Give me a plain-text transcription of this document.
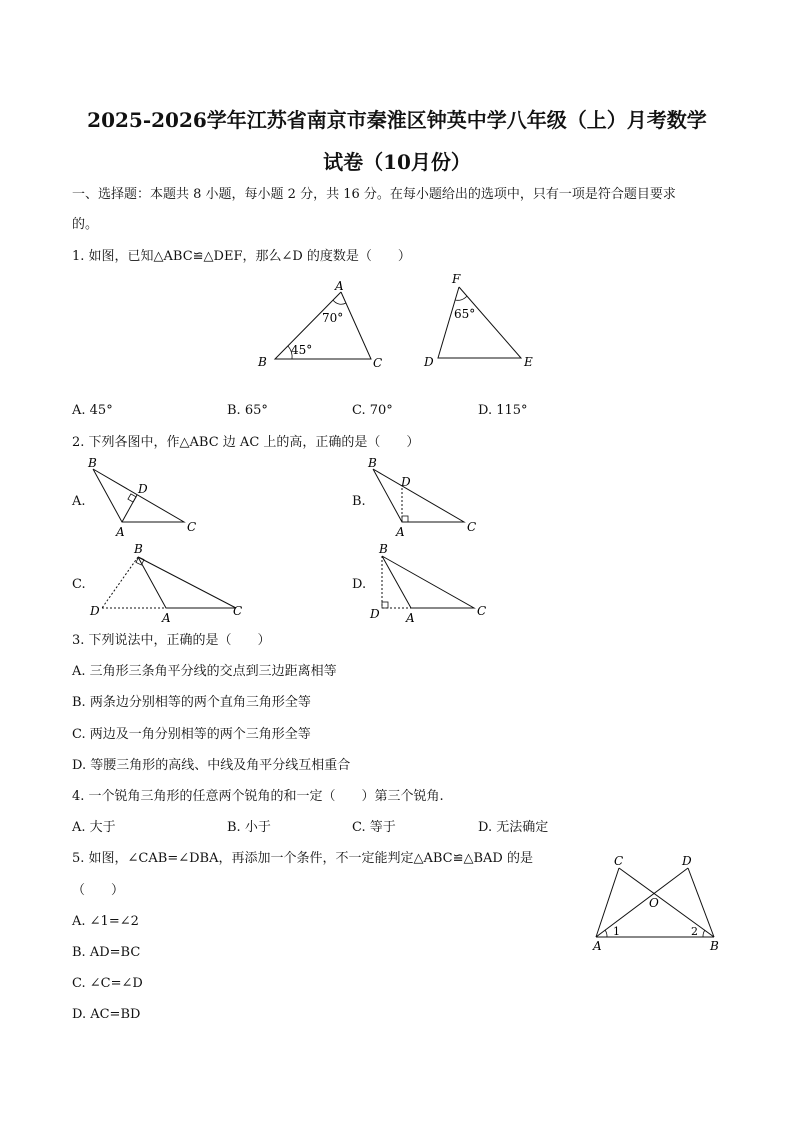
2025-2026学年江苏省南京市秦淮区钟英中学八年级（上）月考数学
试卷（10月份）
一、选择题：本题共 8 小题，每小题 2 分，共 16 分。在每小题给出的选项中，只有一项是符合题目要求
的。
1. 如图，已知△ABC≌△DEF，那么∠D 的度数是（　　）
A
B	C
70°
45°
F
D	E
65°
A. 45°	B. 65°	C. 70°	D. 115°
2. 下列各图中，作△ABC 边 AC 上的高，正确的是（　　）
A.
B
D
A	C
B.
B
D
A	C
C.
B
D	A	C
D.
B
D A	C
3. 下列说法中，正确的是（　　）
A. 三角形三条角平分线的交点到三边距离相等
B. 两条边分别相等的两个直角三角形全等
C. 两边及一角分别相等的两个三角形全等
D. 等腰三角形的高线、中线及角平分线互相重合
4. 一个锐角三角形的任意两个锐角的和一定（　　）第三个锐角.
A. 大于	B. 小于	C. 等于	D. 无法确定
5. 如图，∠CAB=∠DBA，再添加一个条件，不一定能判定△ABC≌△BAD 的是
（　　）
A. ∠1=∠2
B. AD=BC
C. ∠C=∠D
D. AC=BD
C	D
O
A	B
1	2
